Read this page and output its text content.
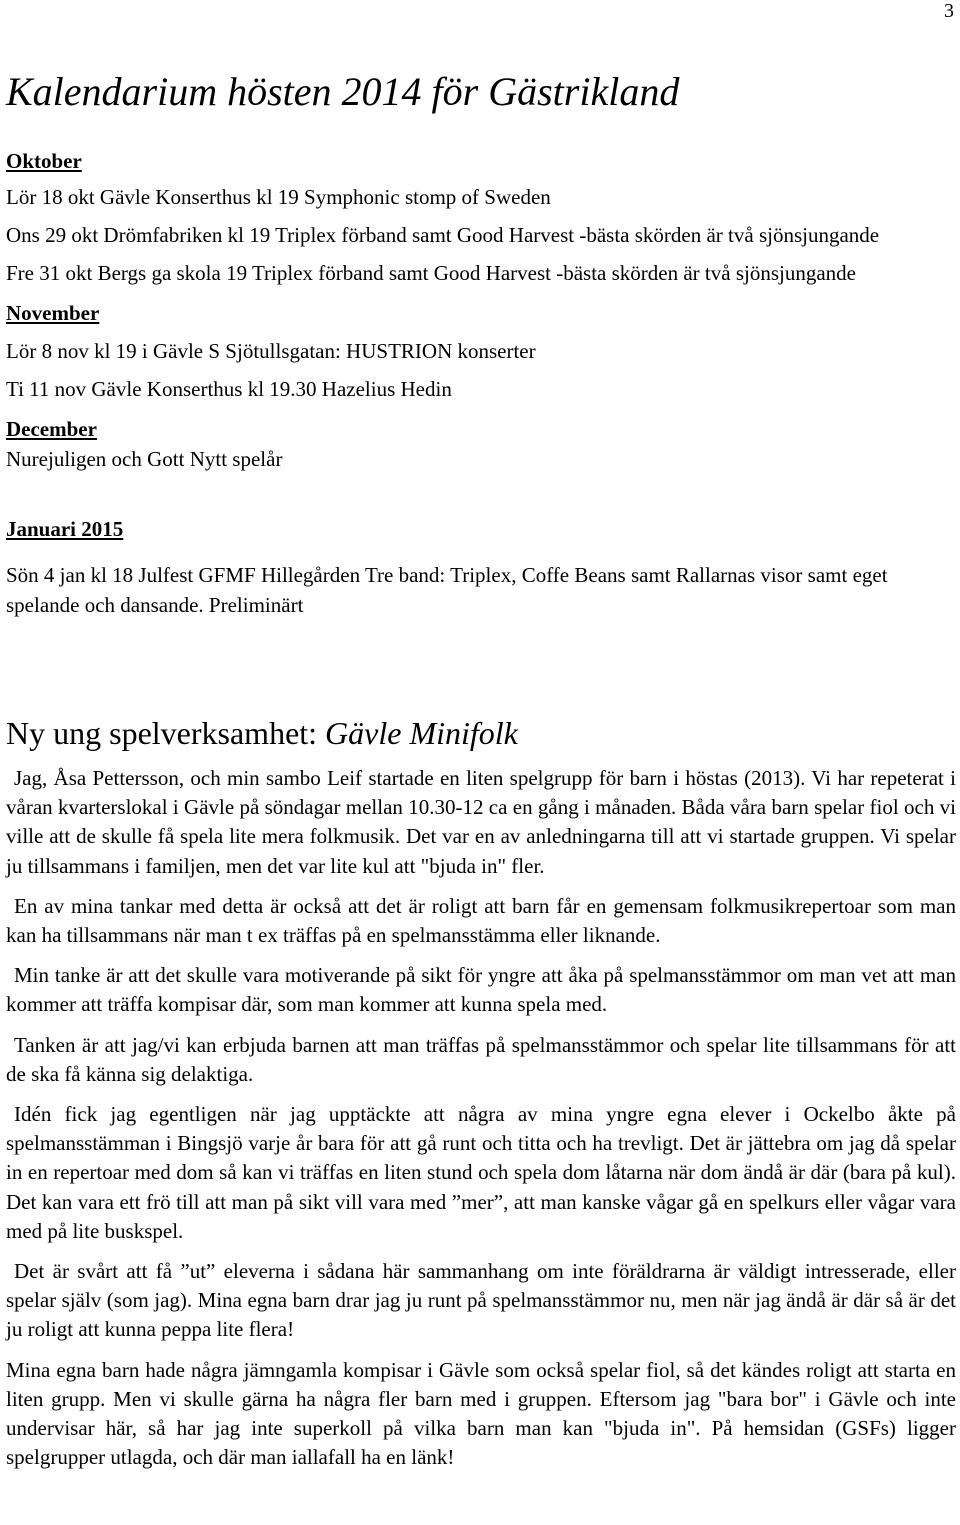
3
Kalendarium hösten 2014 för Gästrikland

Oktober

Lör 18 okt Gävle Konserthus kl 19 Symphonic stomp of Sweden

Ons 29 okt Drömfabriken kl 19 Triplex förband samt Good Harvest -bästa skörden är två sjönsjungande

Fre 31 okt Bergs ga skola 19 Triplex förband samt Good Harvest -bästa skörden är två sjönsjungande

November

Lör 8 nov kl 19 i Gävle S Sjötullsgatan: HUSTRION konserter

Ti 11 nov Gävle Konserthus kl 19.30 Hazelius Hedin

December

Nurejuligen och Gott Nytt spelår

Januari 2015

Sön 4 jan kl 18 Julfest GFMF Hillegården Tre band: Triplex, Coffe Beans samt Rallarnas visor samt eget spelande och dansande. Preliminärt

Ny ung spelverksamhet: Gävle Minifolk

Jag, Åsa Pettersson, och min sambo Leif startade en liten spelgrupp för barn i höstas (2013). Vi har repeterat i våran kvarterslokal i Gävle på söndagar mellan 10.30-12 ca en gång i månaden. Båda våra barn spelar fiol och vi ville att de skulle få spela lite mera folkmusik. Det var en av anledningarna till att vi startade gruppen. Vi spelar ju tillsammans i familjen, men det var lite kul att "bjuda in" fler.

En av mina tankar med detta är också att det är roligt att barn får en gemensam folkmusikrepertoar som man kan ha tillsammans när man t ex träffas på en spelmansstämma eller liknande.

Min tanke är att det skulle vara motiverande på sikt för yngre att åka på spelmansstämmor om man vet att man kommer att träffa kompisar där, som man kommer att kunna spela med.

Tanken är att jag/vi kan erbjuda barnen att man träffas på spelmansstämmor och spelar lite tillsammans för att de ska få känna sig delaktiga.

Idén fick jag egentligen när jag upptäckte att några av mina yngre egna elever i Ockelbo åkte på spelmansstämman i Bingsjö varje år bara för att gå runt och titta och ha trevligt. Det är jättebra om jag då spelar in en repertoar med dom så kan vi träffas en liten stund och spela dom låtarna när dom ändå är där (bara på kul). Det kan vara ett frö till att man på sikt vill vara med ”mer”, att man kanske vågar gå en spelkurs eller vågar vara med på lite buskspel.

Det är svårt att få ”ut” eleverna i sådana här sammanhang om inte föräldrarna är väldigt intresserade, eller spelar själv (som jag). Mina egna barn drar jag ju runt på spelmansstämmor nu, men när jag ändå är där så är det ju roligt att kunna peppa lite flera!

Mina egna barn hade några jämngamla kompisar i Gävle som också spelar fiol, så det kändes roligt att starta en liten grupp. Men vi skulle gärna ha några fler barn med i gruppen. Eftersom jag "bara bor" i Gävle och inte undervisar här, så har jag inte superkoll på vilka barn man kan "bjuda in". På hemsidan (GSFs) ligger spelgrupper utlagda, och där man iallafall ha en länk!
